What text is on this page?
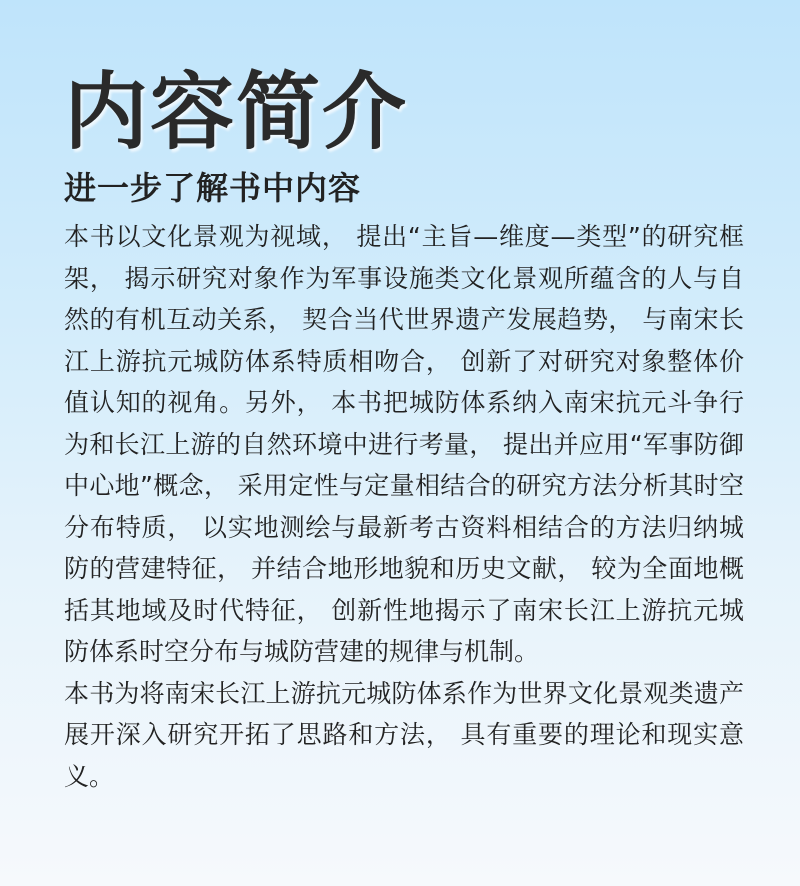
内容简介
进一步了解书中内容

本书以文化景观为视域， 提出“主旨—维度—类型”的研究框架， 揭示研究对象作为军事设施类文化景观所蕴含的人与自然的有机互动关系， 契合当代世界遗产发展趋势， 与南宋长江上游抗元城防体系特质相吻合， 创新了对研究对象整体价值认知的视角。另外， 本书把城防体系纳入南宋抗元斗争行为和长江上游的自然环境中进行考量， 提出并应用“军事防御中心地”概念， 采用定性与定量相结合的研究方法分析其时空分布特质， 以实地测绘与最新考古资料相结合的方法归纳城防的营建特征， 并结合地形地貌和历史文献， 较为全面地概括其地域及时代特征， 创新性地揭示了南宋长江上游抗元城防体系时空分布与城防营建的规律与机制。

本书为将南宋长江上游抗元城防体系作为世界文化景观类遗产展开深入研究开拓了思路和方法， 具有重要的理论和现实意义。
